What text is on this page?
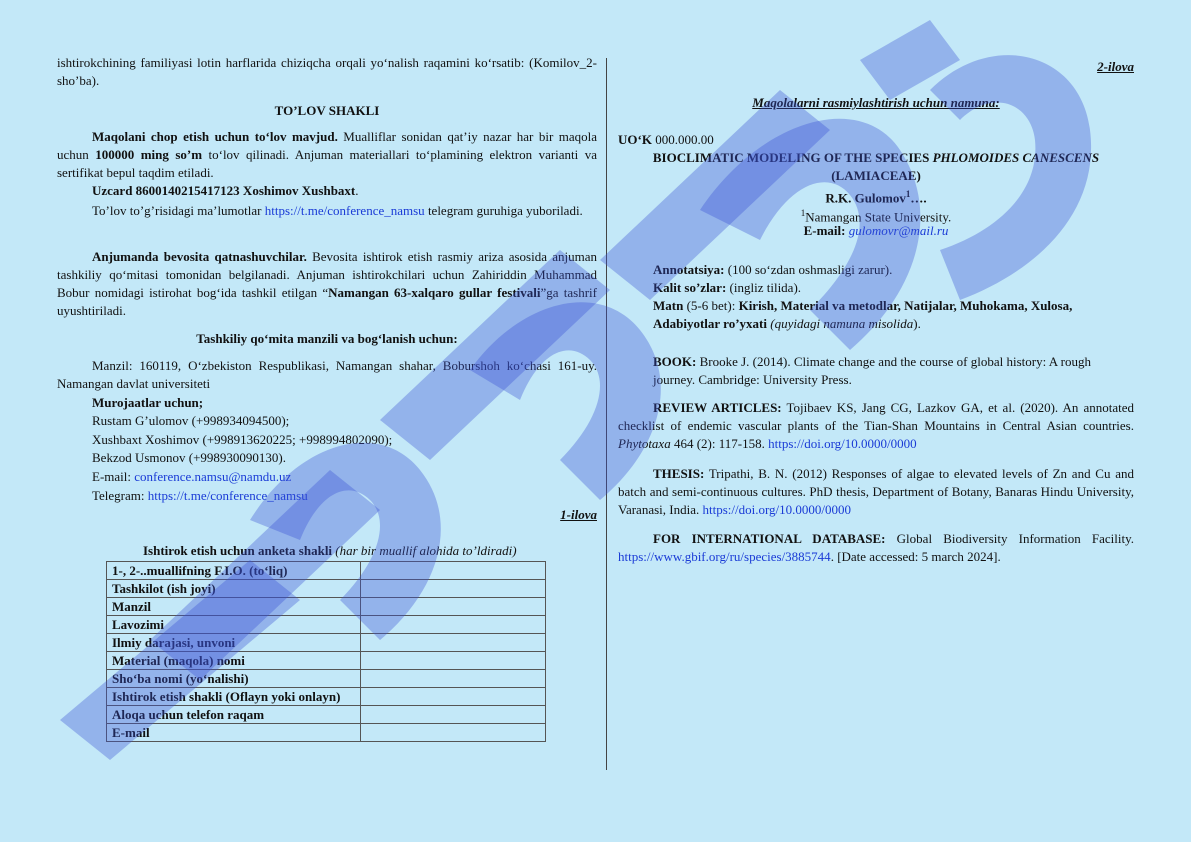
ishtirokchining familiyasi lotin harflarida chiziqcha orqali yo‘nalish raqamini ko‘rsatib: (Komilov_2-sho’ba).

TO’LOV SHAKLI

Maqolani chop etish uchun to‘lov mavjud. Mualliflar sonidan qat’iy nazar har bir maqola uchun 100000 ming so’m to‘lov qilinadi. Anjuman materiallari to‘plamining elektron varianti va sertifikat bepul taqdim etiladi.

Uzcard 8600140215417123 Xoshimov Xushbaxt.

To’lov to’g’risidagi ma’lumotlar https://t.me/conference_namsu telegram guruhiga yuboriladi.

Anjumanda bevosita qatnashuvchilar. Bevosita ishtirok etish rasmiy ariza asosida anjuman tashkiliy qo‘mitasi tomonidan belgilanadi. Anjuman ishtirokchilari uchun Zahiriddin Muhammad Bobur nomidagi istirohat bog‘ida tashkil etilgan “Namangan 63-xalqaro gullar festivali”ga tashrif uyushtiriladi.

Tashkiliy qo‘mita manzili va bog‘lanish uchun:

Manzil: 160119, O‘zbekiston Respublikasi, Namangan shahar, Boburshoh ko‘chasi 161-uy. Namangan davlat universiteti

Murojaatlar uchun;

Rustam G’ulomov (+998934094500);

Xushbaxt Xoshimov (+998913620225; +998994802090);

Bekzod Usmonov (+998930090130).

E-mail: conference.namsu@namdu.uz

Telegram: https://t.me/conference_namsu

1-ilova

Ishtirok etish uchun anketa shakli (har bir muallif alohida to’ldiradi)

1-, 2-..muallifning F.I.O. (to‘liq)	
Tashkilot (ish joyi)	
Manzil	
Lavozimi	
Ilmiy darajasi, unvoni	
Material (maqola) nomi	
Sho‘ba nomi (yo‘nalishi)	
Ishtirok etish shakli (Oflayn yoki onlayn)	
Aloqa uchun telefon raqam	
E-mail	

2-ilova

Maqolalarni rasmiylashtirish uchun namuna:

UO‘K 000.000.00

BIOCLIMATIC MODELING OF THE SPECIES PHLOMOIDES CANESCENS

(LAMIACEAE)

R.K. Gulomov$^1$….

$^1$Namangan State University.

E-mail: gulomovr@mail.ru

Annotatsiya: (100 so‘zdan oshmasligi zarur).

Kalit so’zlar: (ingliz tilida).

Matn (5-6 bet): Kirish, Material va metodlar, Natijalar, Muhokama, Xulosa, Adabiyotlar ro’yxati (quyidagi namuna misolida).

BOOK: Brooke J. (2014). Climate change and the course of global history: A rough journey. Cambridge: University Press.

REVIEW ARTICLES: Tojibaev KS, Jang CG, Lazkov GA, et al. (2020). An annotated checklist of endemic vascular plants of the Tian-Shan Mountains in Central Asian countries. Phytotaxa 464 (2): 117-158. https://doi.org/10.0000/0000

THESIS: Tripathi, B. N. (2012) Responses of algae to elevated levels of Zn and Cu and batch and semi-continuous cultures. PhD thesis, Department of Botany, Banaras Hindu University, Varanasi, India. https://doi.org/10.0000/0000

FOR INTERNATIONAL DATABASE: Global Biodiversity Information Facility. https://www.gbif.org/ru/species/3885744. [Date accessed: 5 march 2024].
